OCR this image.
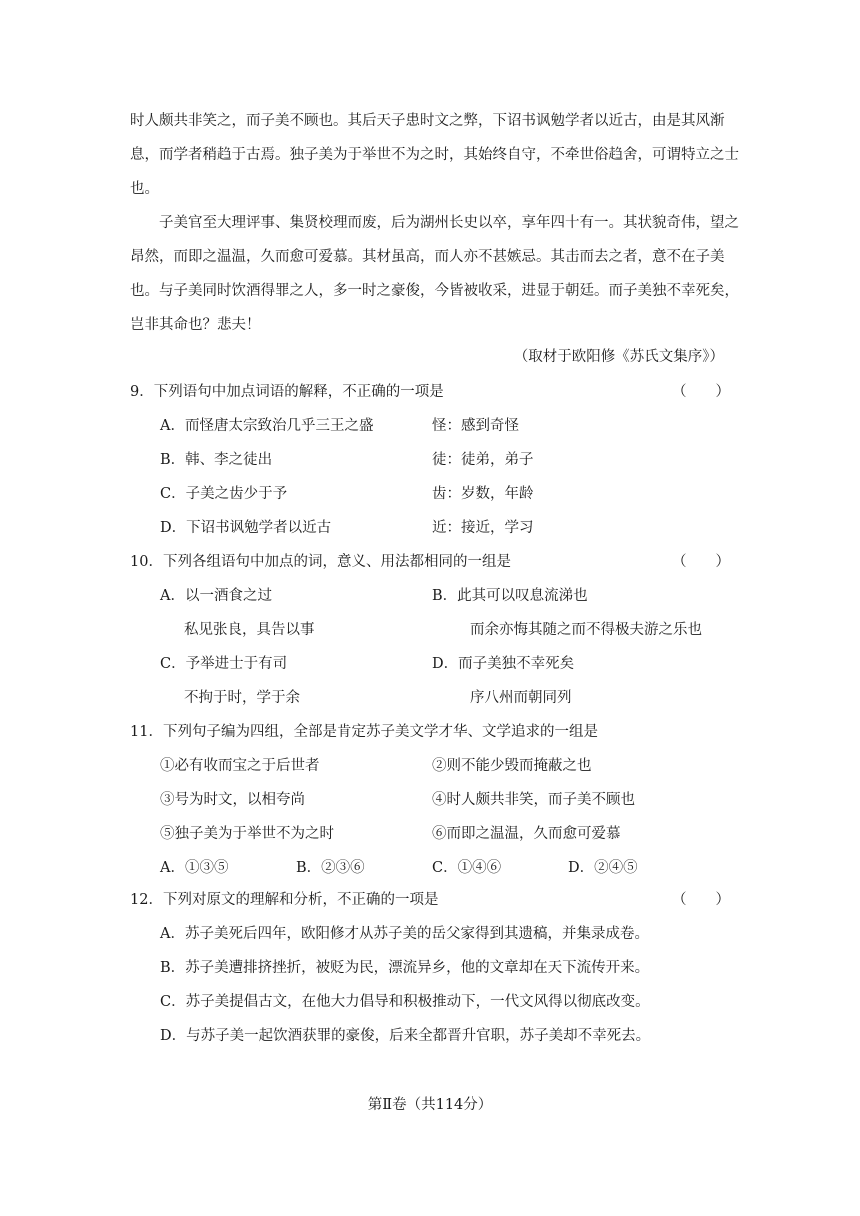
时人颇共非笑之，而子美不顾也。其后天子患时文之弊，下诏书讽勉学者以近古，由是其风渐息，而学者稍趋于古焉。独子美为于举世不为之时，其始终自守，不牵世俗趋舍，可谓特立之士也。

子美官至大理评事、集贤校理而废，后为湖州长史以卒，享年四十有一。其状貌奇伟，望之昂然，而即之温温，久而愈可爱慕。其材虽高，而人亦不甚嫉忌。其击而去之者，意不在子美也。与子美同时饮酒得罪之人，多一时之豪俊，今皆被收采，进显于朝廷。而子美独不幸死矣，岂非其命也？悲夫！

（取材于欧阳修《苏氏文集序》）
9．下列语句中加点词语的解释，不正确的一项是	（　　）
A．而怪唐太宗致治几乎三王之盛	怪：感到奇怪
B．韩、李之徒出	徒：徒弟，弟子
C．子美之齿少于予	齿：岁数，年龄
D．下诏书讽勉学者以近古	近：接近，学习
10．下列各组语句中加点的词，意义、用法都相同的一组是	（　　）
A．以一酒食之过	B．此其可以叹息流涕也
私见张良，具告以事	而余亦悔其随之而不得极夫游之乐也
C．予举进士于有司	D．而子美独不幸死矣
不拘于时，学于余	序八州而朝同列
11．下列句子编为四组，全部是肯定苏子美文学才华、文学追求的一组是
①必有收而宝之于后世者	②则不能少毁而掩蔽之也
③号为时文，以相夸尚	④时人颇共非笑，而子美不顾也
⑤独子美为于举世不为之时	⑥而即之温温，久而愈可爱慕
A．①③⑤	B．②③⑥	C．①④⑥	D．②④⑤
12．下列对原文的理解和分析，不正确的一项是	（　　）
A．苏子美死后四年，欧阳修才从苏子美的岳父家得到其遗稿，并集录成卷。
B．苏子美遭排挤挫折，被贬为民，漂流异乡，他的文章却在天下流传开来。
C．苏子美提倡古文，在他大力倡导和积极推动下，一代文风得以彻底改变。
D．与苏子美一起饮酒获罪的豪俊，后来全都晋升官职，苏子美却不幸死去。
第Ⅱ卷（共114分）
